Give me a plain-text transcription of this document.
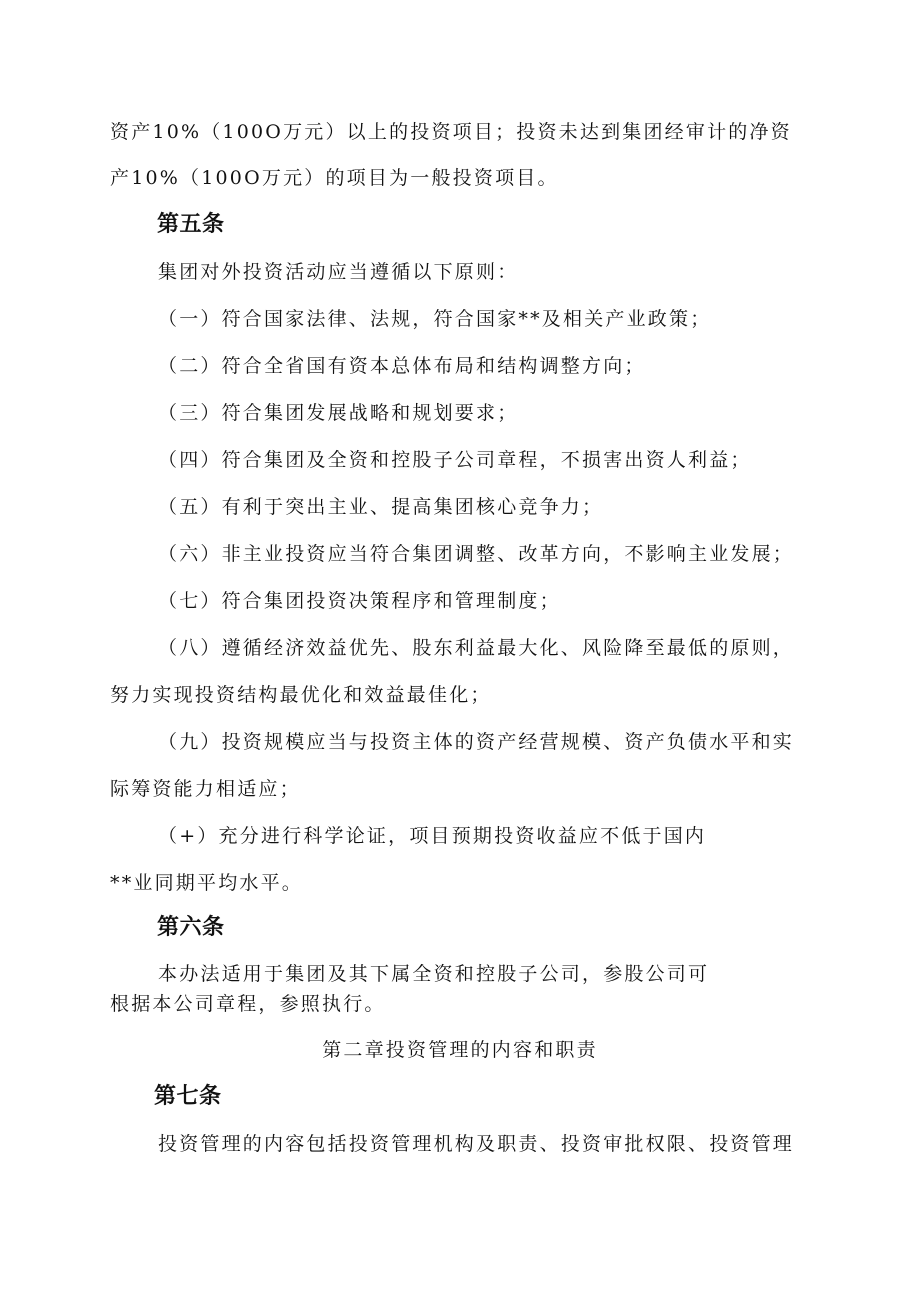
资产10%（100O万元）以上的投资项目；投资未达到集团经审计的净资
产10%（100O万元）的项目为一般投资项目。
第五条
集团对外投资活动应当遵循以下原则：
（一）符合国家法律、法规，符合国家**及相关产业政策；
（二）符合全省国有资本总体布局和结构调整方向；
（三）符合集团发展战略和规划要求；
（四）符合集团及全资和控股子公司章程，不损害出资人利益；
（五）有利于突出主业、提高集团核心竞争力；
（六）非主业投资应当符合集团调整、改革方向，不影响主业发展；
（七）符合集团投资决策程序和管理制度；
（八）遵循经济效益优先、股东利益最大化、风险降至最低的原则，
努力实现投资结构最优化和效益最佳化；
（九）投资规模应当与投资主体的资产经营规模、资产负债水平和实
际筹资能力相适应；
（+）充分进行科学论证，项目预期投资收益应不低于国内
**业同期平均水平。
第六条
本办法适用于集团及其下属全资和控股子公司，参股公司可
根据本公司章程，参照执行。
第二章投资管理的内容和职责
第七条
投资管理的内容包括投资管理机构及职责、投资审批权限、投资管理
